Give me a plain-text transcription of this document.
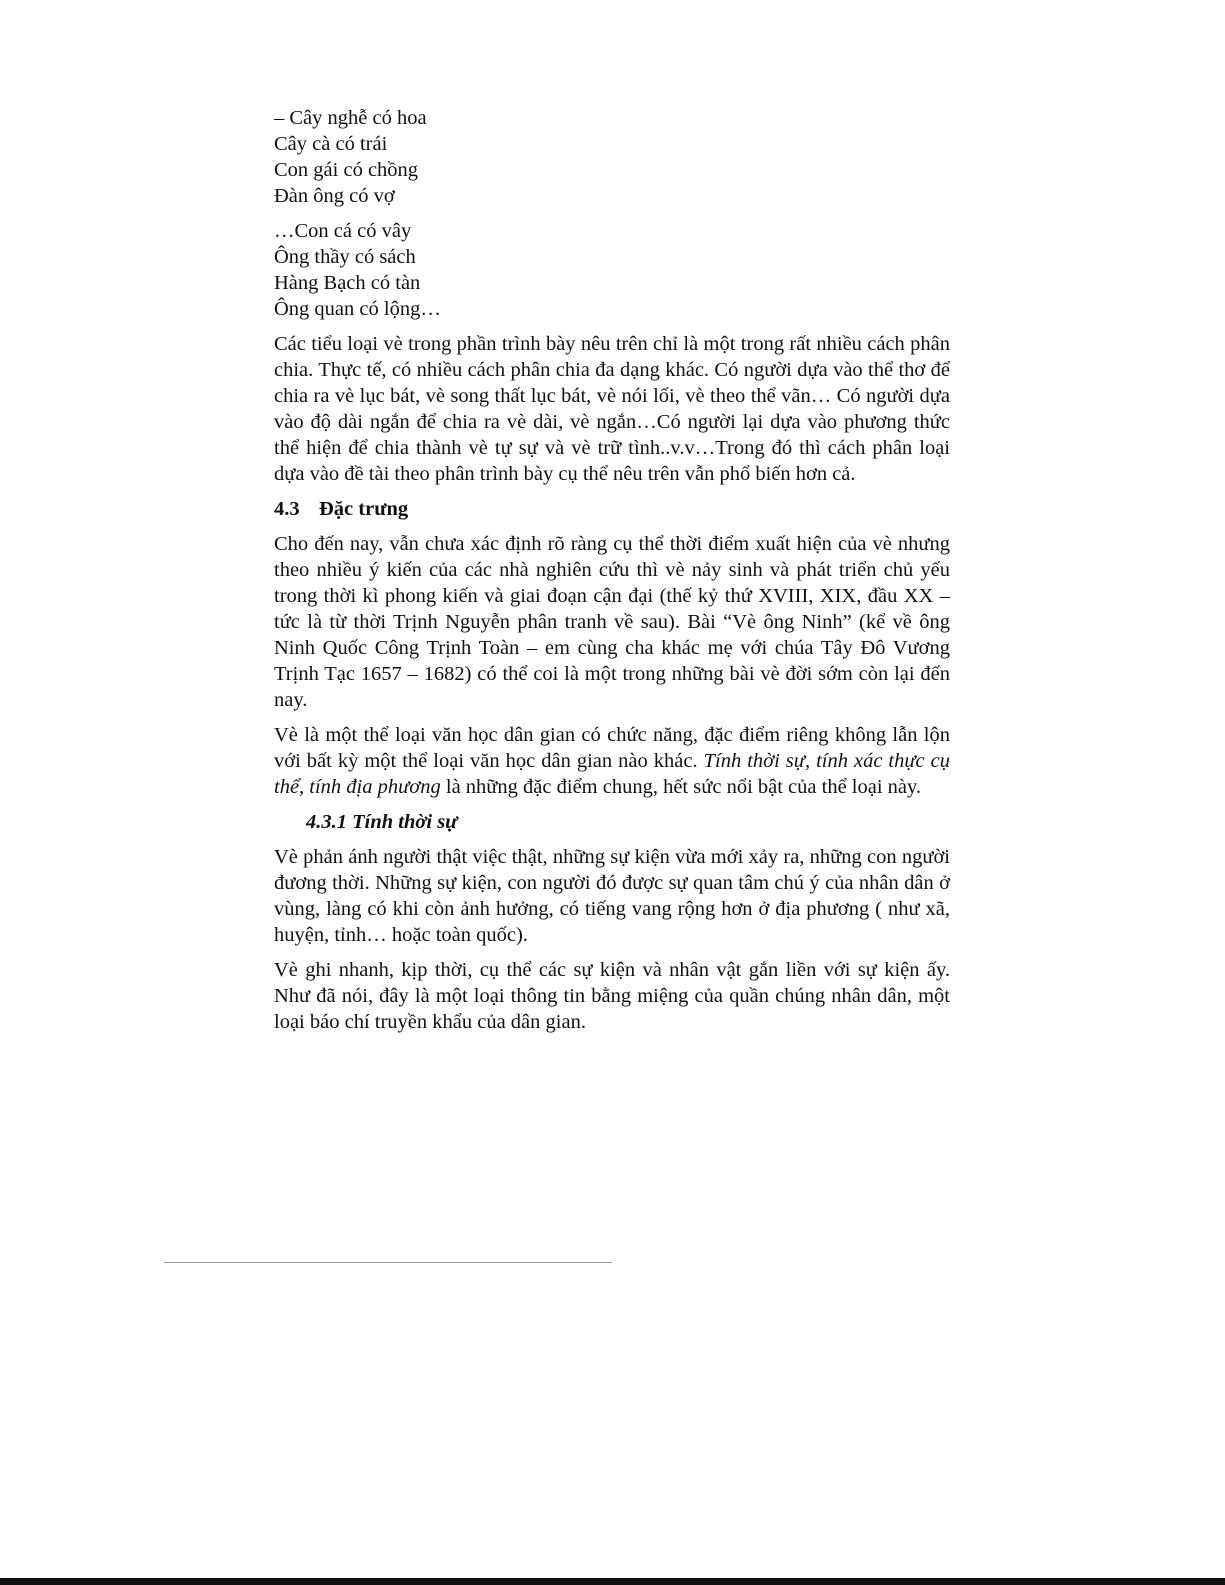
– Cây nghễ có hoa
Cây cà có trái
Con gái có chồng
Đàn ông có vợ
…Con cá có vây
Ông thầy có sách
Hàng Bạch có tàn
Ông quan có lộng…

Các tiểu loại vè trong phần trình bày nêu trên chỉ là một trong rất nhiều cách phân chia. Thực tế, có nhiều cách phân chia đa dạng khác. Có người dựa vào thể thơ để chia ra vè lục bát, vè song thất lục bát, vè nói lối, vè theo thể vãn… Có người dựa vào độ dài ngắn để chia ra vè dài, vè ngắn…Có người lại dựa vào phương thức thể hiện để chia thành vè tự sự và vè trữ tình..v.v…Trong đó thì cách phân loại dựa vào đề tài theo phân trình bày cụ thể nêu trên vẫn phổ biến hơn cả.

4.3 Đặc trưng

Cho đến nay, vẫn chưa xác định rõ ràng cụ thể thời điểm xuất hiện của vè nhưng theo nhiều ý kiến của các nhà nghiên cứu thì vè nảy sinh và phát triển chủ yếu trong thời kì phong kiến và giai đoạn cận đại (thế kỷ thứ XVIII, XIX, đầu XX – tức là từ thời Trịnh Nguyễn phân tranh về sau). Bài “Vè ông Ninh” (kể về ông Ninh Quốc Công Trịnh Toàn – em cùng cha khác mẹ với chúa Tây Đô Vương Trịnh Tạc 1657 – 1682) có thể coi là một trong những bài vè đời sớm còn lại đến nay.

Vè là một thể loại văn học dân gian có chức năng, đặc điểm riêng không lẫn lộn với bất kỳ một thể loại văn học dân gian nào khác. Tính thời sự, tính xác thực cụ thể, tính địa phương là những đặc điểm chung, hết sức nổi bật của thể loại này.

4.3.1 Tính thời sự

Vè phản ánh người thật việc thật, những sự kiện vừa mới xảy ra, những con người đương thời. Những sự kiện, con người đó được sự quan tâm chú ý của nhân dân ở vùng, làng có khi còn ảnh hưởng, có tiếng vang rộng hơn ở địa phương ( như xã, huyện, tỉnh… hoặc toàn quốc).

Vè ghi nhanh, kịp thời, cụ thể các sự kiện và nhân vật gắn liền với sự kiện ấy. Như đã nói, đây là một loại thông tin bằng miệng của quần chúng nhân dân, một loại báo chí truyền khẩu của dân gian.
